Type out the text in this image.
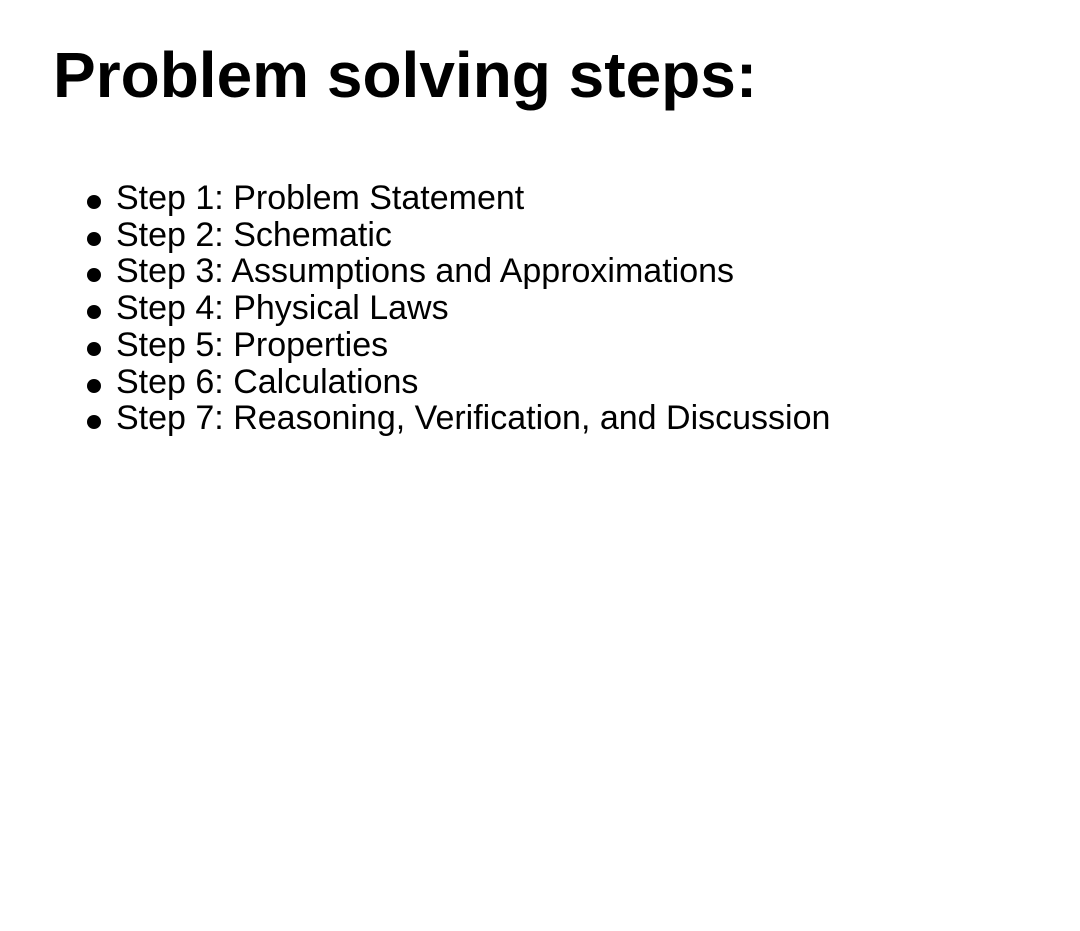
Problem solving steps:
Step 1: Problem Statement
Step 2: Schematic
Step 3: Assumptions and Approximations
Step 4: Physical Laws
Step 5: Properties
Step 6: Calculations
Step 7: Reasoning, Verification, and Discussion
